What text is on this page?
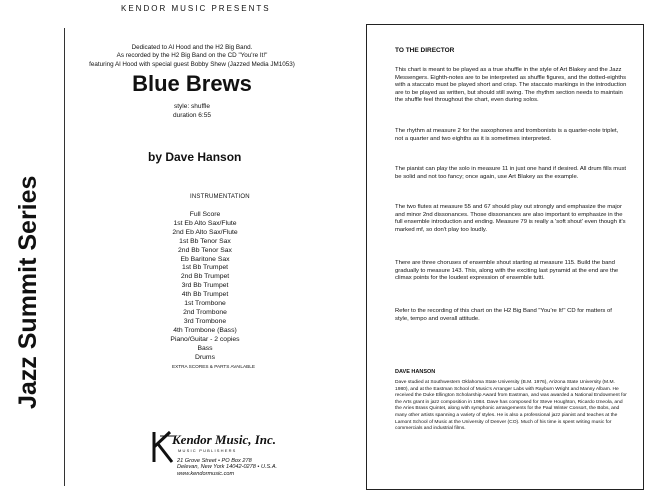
KENDOR MUSIC PRESENTS
Jazz Summit Series
Dedicated to Al Hood and the H2 Big Band.
As recorded by the H2 Big Band on the CD "You're It!"
featuring Al Hood with special guest Bobby Shew (Jazzed Media JM1053)
Blue Brews
style: shuffle
duration 6:55
by Dave Hanson
INSTRUMENTATION
Full Score
1st Eb Alto Sax/Flute
2nd Eb Alto Sax/Flute
1st Bb Tenor Sax
2nd Bb Tenor Sax
Eb Baritone Sax
1st Bb Trumpet
2nd Bb Trumpet
3rd Bb Trumpet
4th Bb Trumpet
1st Trombone
2nd Trombone
3rd Trombone
4th Trombone (Bass)
Piano/Guitar - 2 copies
Bass
Drums
EXTRA SCORES & PARTS AVAILABLE
Kendor Music, Inc.
MUSIC PUBLISHERS
21 Grove Street • PO Box 278
Delevan, New York 14042-0278 • U.S.A.
www.kendormusic.com
TO THE DIRECTOR
This chart is meant to be played as a true shuffle in the style of Art Blakey and the Jazz Messengers. Eighth-notes are to be interpreted as shuffle figures, and the dotted-eighths with a staccato must be played short and crisp. The staccato markings in the introduction are to be played as written, but should still swing. The rhythm section needs to maintain the shuffle feel throughout the chart, even during solos.
The rhythm at measure 2 for the saxophones and trombonists is a quarter-note triplet, not a quarter and two eighths as it is sometimes interpreted.
The pianist can play the solo in measure 11 in just one hand if desired. All drum fills must be solid and not too fancy; once again, use Art Blakey as the example.
The two flutes at measure 55 and 67 should play out strongly and emphasize the major and minor 2nd dissonances. Those dissonances are also important to emphasize in the full ensemble introduction and ending. Measure 79 is really a 'soft shout' even though it's marked mf, so don't play too loudly.
There are three choruses of ensemble shout starting at measure 115. Build the band gradually to measure 143. This, along with the exciting last pyramid at the end are the climax points for the loudest expression of ensemble tutti.
Refer to the recording of this chart on the H2 Big Band "You're It!" CD for matters of style, tempo and overall attitude.
DAVE HANSON
Dave studied at Southwestern Oklahoma State University (B.M. 1976), Arizona State University (M.M. 1980), and at the Eastman School of Music's Arranger Labs with Rayburn Wright and Manny Albam. He received the Duke Ellington Scholarship Award from Eastman, and was awarded a National Endowment for the Arts grant in jazz composition in 1984. Dave has composed for Steve Houghton, Ricardo Izneola, and the Aries Brass Quintet, along with symphonic arrangements for the Paul Winter Consort, the Bobs, and many other artists spanning a variety of styles. He is also a professional jazz pianist and teaches at the Lamont School of Music at the University of Denver (CO). Much of his time is spent writing music for commercials and industrial films.
